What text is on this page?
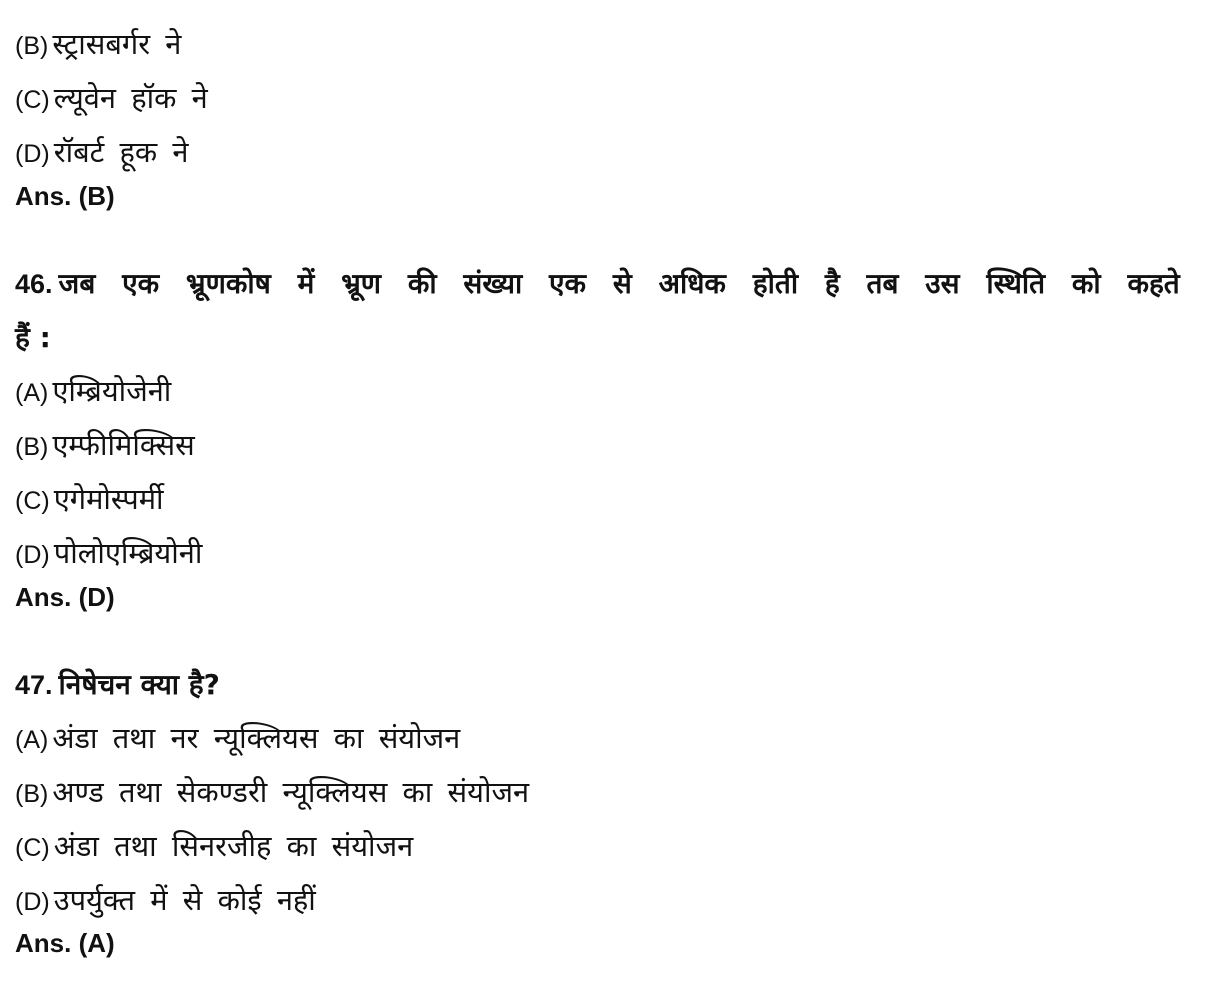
(B) स्ट्रासबर्गर ने
(C) ल्यूवेन हॉक ने
(D) रॉबर्ट हूक ने
Ans. (B)
46. जब एक भ्रूणकोष में भ्रूण की संख्या एक से अधिक होती है तब उस स्थिति को कहते
हैं :
(A) एम्ब्रियोजेनी
(B) एम्फीमिक्सिस
(C) एगेमोस्पर्मी
(D) पोलोएम्ब्रियोनी
Ans. (D)
47. निषेचन क्या है?
(A) अंडा तथा नर न्यूक्लियस का संयोजन
(B) अण्ड तथा सेकण्डरी न्यूक्लियस का संयोजन
(C) अंडा तथा सिनरजीह का संयोजन
(D) उपर्युक्त में से कोई नहीं
Ans. (A)
